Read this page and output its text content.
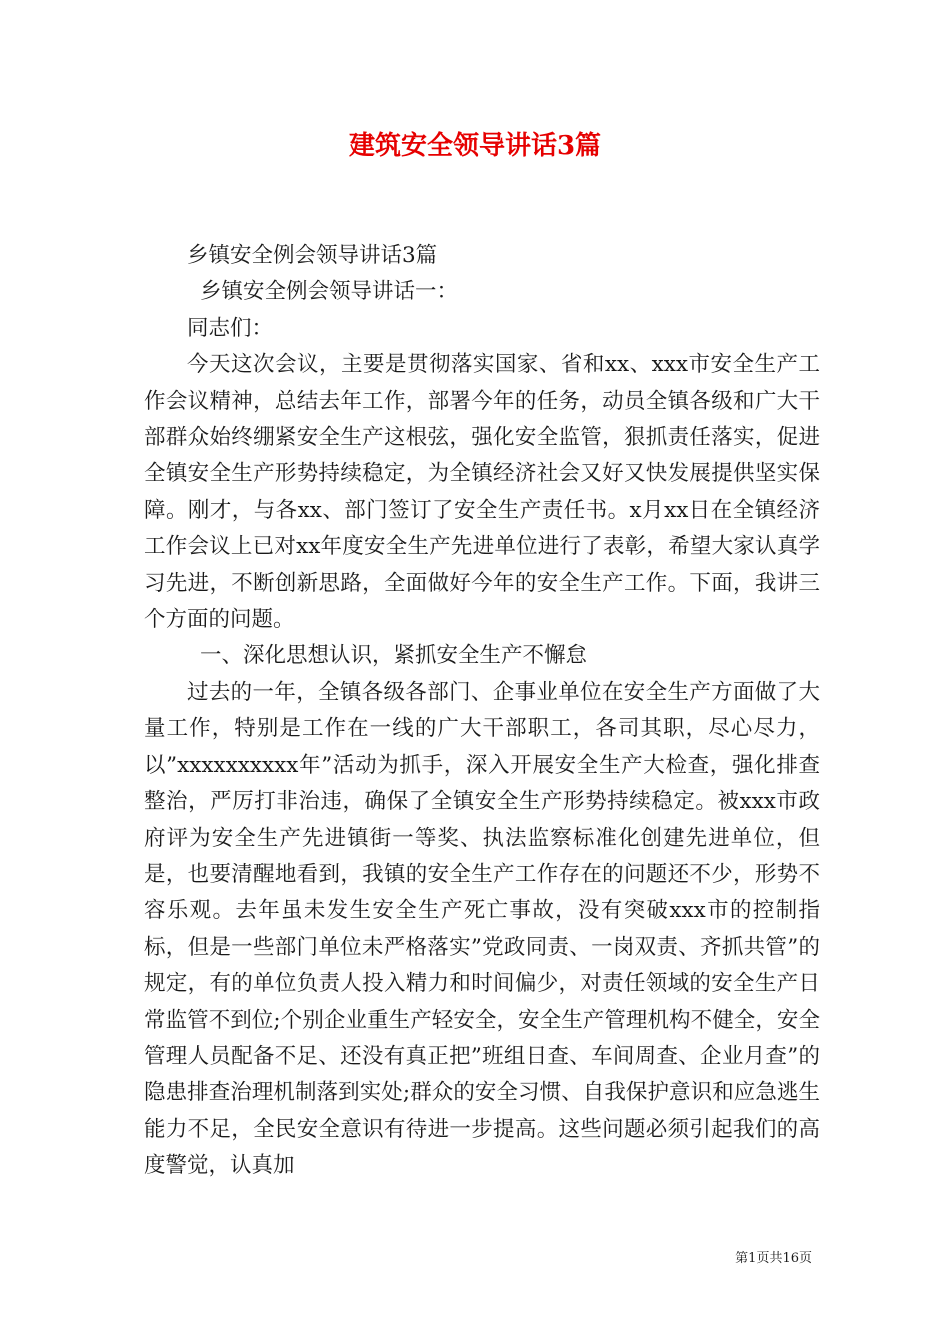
建筑安全领导讲话3篇

乡镇安全例会领导讲话3篇

乡镇安全例会领导讲话一：

同志们：

今天这次会议，主要是贯彻落实国家、省和xx、xxx市安全生产工作会议精神，总结去年工作，部署今年的任务，动员全镇各级和广大干部群众始终绷紧安全生产这根弦，强化安全监管，狠抓责任落实，促进全镇安全生产形势持续稳定，为全镇经济社会又好又快发展提供坚实保障。刚才，与各xx、部门签订了安全生产责任书。x月xx日在全镇经济工作会议上已对xx年度安全生产先进单位进行了表彰，希望大家认真学习先进，不断创新思路，全面做好今年的安全生产工作。下面，我讲三个方面的问题。

一、深化思想认识，紧抓安全生产不懈怠

过去的一年，全镇各级各部门、企事业单位在安全生产方面做了大量工作，特别是工作在一线的广大干部职工，各司其职，尽心尽力，以”xxxxxxxxxx年”活动为抓手，深入开展安全生产大检查，强化排查整治，严厉打非治违，确保了全镇安全生产形势持续稳定。被xxx市政府评为安全生产先进镇街一等奖、执法监察标准化创建先进单位，但是，也要清醒地看到，我镇的安全生产工作存在的问题还不少，形势不容乐观。去年虽未发生安全生产死亡事故，没有突破xxx市的控制指标，但是一些部门单位未严格落实”党政同责、一岗双责、齐抓共管”的规定，有的单位负责人投入精力和时间偏少，对责任领域的安全生产日常监管不到位;个别企业重生产轻安全，安全生产管理机构不健全，安全管理人员配备不足、还没有真正把”班组日查、车间周查、企业月查”的隐患排查治理机制落到实处;群众的安全习惯、自我保护意识和应急逃生能力不足，全民安全意识有待进一步提高。这些问题必须引起我们的高度警觉，认真加

第1页共16页
